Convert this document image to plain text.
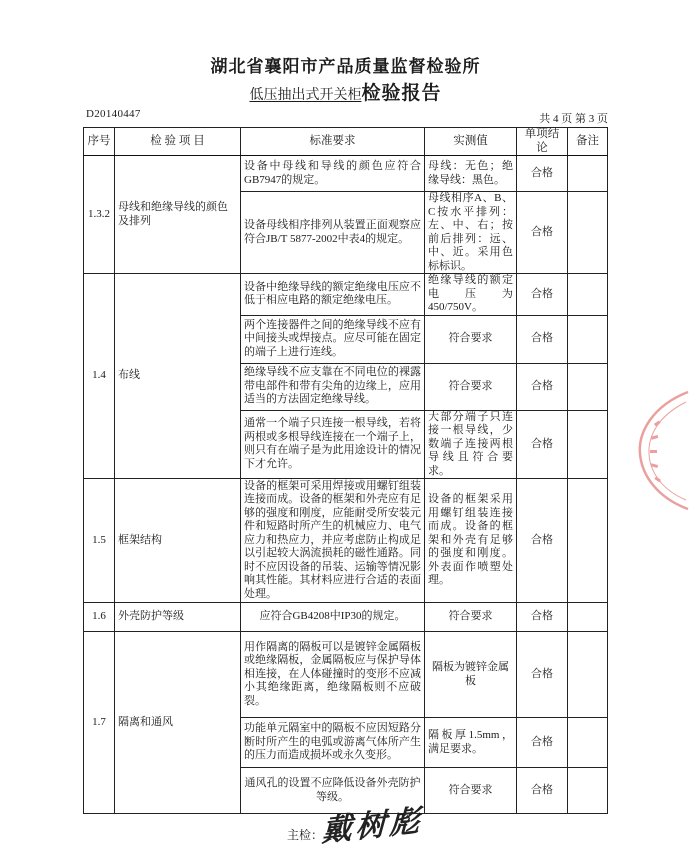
湖北省襄阳市产品质量监督检验所
低压抽出式开关柜检验报告
D20140447	共 4 页 第 3 页
序号	检 验 项 目	标准要求	实测值	单项结论	备注
1.3.2	母线和绝缘导线的颜色及排列	设备中母线和导线的颜色应符合GB7947的规定。	母线：无色；绝缘导线：黑色。	合格	
		设备母线相序排列从装置正面观察应符合JB/T 5877-2002中表4的规定。	母线相序A、B、C按水平排列：左、中、右；按前后排列：远、中、近。采用色标标识。	合格	
1.4	布线	设备中绝缘导线的额定绝缘电压应不低于相应电路的额定绝缘电压。	绝缘导线的额定电压为450/750V。	合格	
		两个连接器件之间的绝缘导线不应有中间接头或焊接点。应尽可能在固定的端子上进行连线。	符合要求	合格	
		绝缘导线不应支靠在不同电位的裸露带电部件和带有尖角的边缘上，应用适当的方法固定绝缘导线。	符合要求	合格	
		通常一个端子只连接一根导线，若将两根或多根导线连接在一个端子上，则只有在端子是为此用途设计的情况下才允许。	大部分端子只连接一根导线，少数端子连接两根导线且符合要求。	合格	
1.5	框架结构	设备的框架可采用焊接或用螺钉组装连接而成。设备的框架和外壳应有足够的强度和刚度，应能耐受所安装元件和短路时所产生的机械应力、电气应力和热应力，并应考虑防止构成足以引起较大涡流损耗的磁性通路。同时不应因设备的吊装、运输等情况影响其性能。其材料应进行合适的表面处理。	设备的框架采用用螺钉组装连接而成。设备的框架和外壳有足够的强度和刚度。外表面作喷塑处理。	合格	
1.6	外壳防护等级	应符合GB4208中IP30的规定。	符合要求	合格	
1.7	隔离和通风	用作隔离的隔板可以是镀锌金属隔板或绝缘隔板，金属隔板应与保护导体相连接，在人体碰撞时的变形不应减小其绝缘距离，绝缘隔板则不应破裂。	隔板为镀锌金属板	合格	
		功能单元隔室中的隔板不应因短路分断时所产生的电弧或游离气体所产生的压力而造成损坏或永久变形。	隔板厚1.5mm，满足要求。	合格	
		通风孔的设置不应降低设备外壳防护等级。	符合要求	合格	
主检：
戴树彪
